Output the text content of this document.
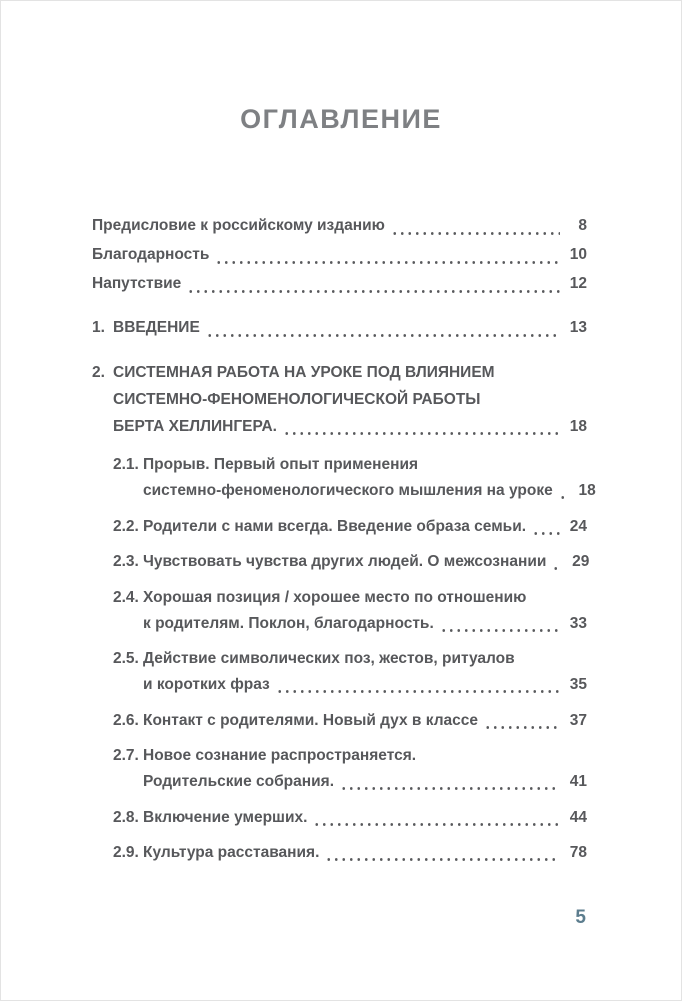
ОГЛАВЛЕНИЕ
Предисловие к российскому изданию	8
Благодарность	10
Напутствие	12
1. ВВЕДЕНИЕ	13
2. СИСТЕМНАЯ РАБОТА НА УРОКЕ ПОД ВЛИЯНИЕМ
СИСТЕМНО-ФЕНОМЕНОЛОГИЧЕСКОЙ РАБОТЫ
БЕРТА ХЕЛЛИНГЕРА.	18
2.1. Прорыв. Первый опыт применения
системно-феноменологического мышления на уроке	18
2.2. Родители с нами всегда. Введение образа семьи.	24
2.3. Чувствовать чувства других людей. О межсознании	29
2.4. Хорошая позиция / хорошее место по отношению
к родителям. Поклон, благодарность.	33
2.5. Действие символических поз, жестов, ритуалов
и коротких фраз	35
2.6. Контакт с родителями. Новый дух в классе	37
2.7. Новое сознание распространяется.
Родительские собрания.	41
2.8. Включение умерших.	44
2.9. Культура расставания.	78
5
